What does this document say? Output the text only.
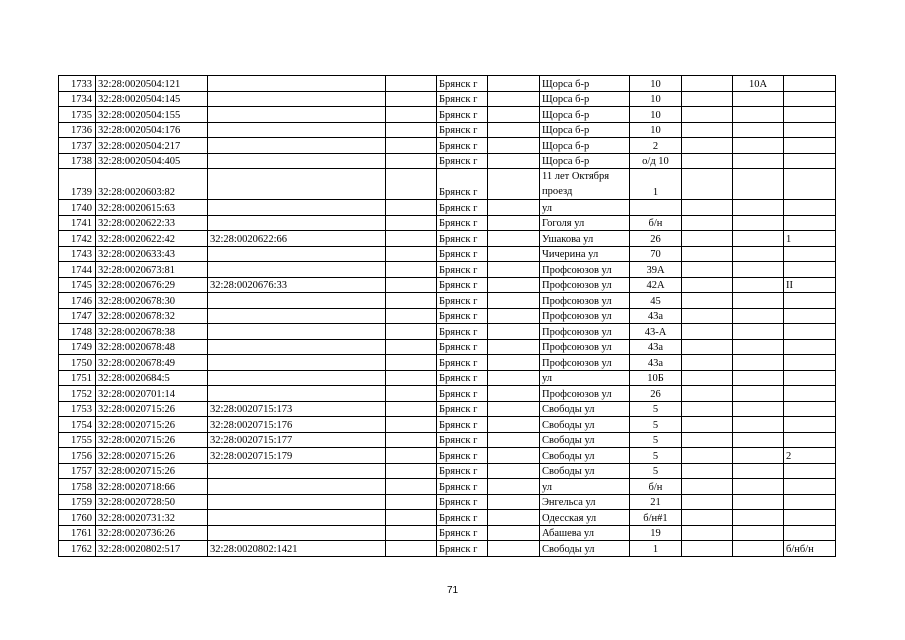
1733	32:28:0020504:121			Брянск г		Щорса б-р	10		10А	
1734	32:28:0020504:145			Брянск г		Щорса б-р	10			
1735	32:28:0020504:155			Брянск г		Щорса б-р	10			
1736	32:28:0020504:176			Брянск г		Щорса б-р	10			
1737	32:28:0020504:217			Брянск г		Щорса б-р	2			
1738	32:28:0020504:405			Брянск г		Щорса б-р	о/д 10			
1739	32:28:0020603:82			Брянск г		11 лет Октября проезд	1			
1740	32:28:0020615:63			Брянск г		ул				
1741	32:28:0020622:33			Брянск г		Гоголя ул	б/н			
1742	32:28:0020622:42	32:28:0020622:66		Брянск г		Ушакова ул	26			1
1743	32:28:0020633:43			Брянск г		Чичерина ул	70			
1744	32:28:0020673:81			Брянск г		Профсоюзов ул	39А			
1745	32:28:0020676:29	32:28:0020676:33		Брянск г		Профсоюзов ул	42А			II
1746	32:28:0020678:30			Брянск г		Профсоюзов ул	45			
1747	32:28:0020678:32			Брянск г		Профсоюзов ул	43а			
1748	32:28:0020678:38			Брянск г		Профсоюзов ул	43-А			
1749	32:28:0020678:48			Брянск г		Профсоюзов ул	43а			
1750	32:28:0020678:49			Брянск г		Профсоюзов ул	43а			
1751	32:28:0020684:5			Брянск г		ул	10Б			
1752	32:28:0020701:14			Брянск г		Профсоюзов ул	26			
1753	32:28:0020715:26	32:28:0020715:173		Брянск г		Свободы ул	5			
1754	32:28:0020715:26	32:28:0020715:176		Брянск г		Свободы ул	5			
1755	32:28:0020715:26	32:28:0020715:177		Брянск г		Свободы ул	5			
1756	32:28:0020715:26	32:28:0020715:179		Брянск г		Свободы ул	5			2
1757	32:28:0020715:26			Брянск г		Свободы ул	5			
1758	32:28:0020718:66			Брянск г		ул	б/н			
1759	32:28:0020728:50			Брянск г		Энгельса ул	21			
1760	32:28:0020731:32			Брянск г		Одесская ул	б/н#1			
1761	32:28:0020736:26			Брянск г		Абашева ул	19			
1762	32:28:0020802:517	32:28:0020802:1421		Брянск г		Свободы ул	1			б/нб/н
71
